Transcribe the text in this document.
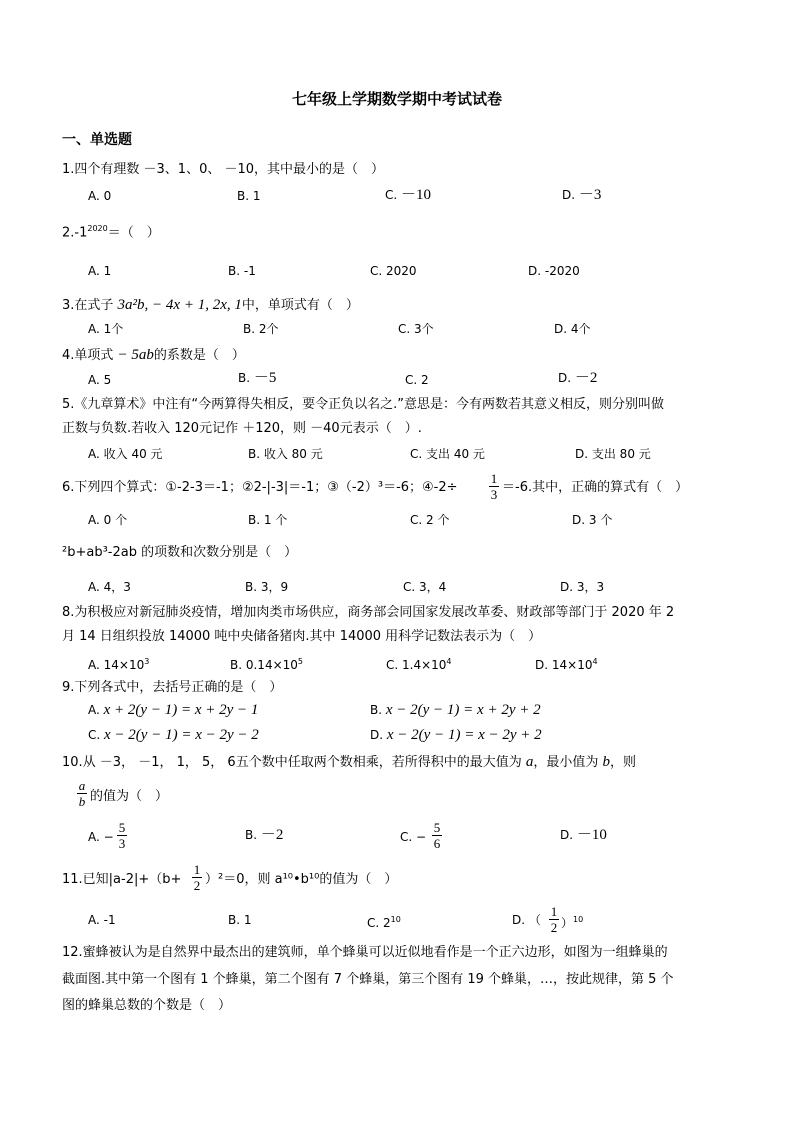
七年级上学期数学期中考试试卷
一、单选题
1.四个有理数 －3、1、0、 －10，其中最小的是（　）
A. 0	B. 1	C. －10	D. －3
$2.-1^{2020}=$（　）
A. 1	B. -1	C. 2020	D. -2020
3.在式子 3a²b, − 4x + 1, 2x, 1中，单项式有（　）
A. 1个	B. 2个	C. 3个	D. 4个
4.单项式 − 5ab的系数是（　）
A. 5	B. －5	C. 2	D. －2
5.《九章算术》中注有“今两算得失相反，要令正负以名之.”意思是：今有两数若其意义相反，则分别叫做
正数与负数.若收入 120元记作 ＋120，则 －40元表示（　）.
A. 收入 40 元	B. 收入 80 元	C. 支出 40 元	D. 支出 80 元
6.下列四个算式：①-2-3＝-1；②2-|-3|＝-1；③（-2）³＝-6；④-2÷
1
3 ＝-6.其中，正确的算式有（　）
A. 0 个	B. 1 个	C. 2 个	D. 3 个
²b+ab³-2ab 的项数和次数分别是（　）
A. 4，3	B. 3，9	C. 3，4	D. 3，3
8.为积极应对新冠肺炎疫情，增加肉类市场供应，商务部会同国家发展改革委、财政部等部门于 2020 年 2
月 14 日组织投放 14000 吨中央储备猪肉.其中 14000 用科学记数法表示为（　）
A. $14\times 10^3$	B. $0.14\times 10^5$	C. $1.4\times 10^4$	D. $14\times 10^4$
9.下列各式中，去括号正确的是（　）
A. x + 2(y − 1) = x + 2y − 1	B. x − 2(y − 1) = x + 2y + 2
C. x − 2(y − 1) = x − 2y − 2	D. x − 2(y − 1) = x − 2y + 2
10.从 －3， －1， 1， 5， 6五个数中任取两个数相乘，若所得积中的最大值为 a，最小值为 b，则
a
b 的值为（　）
A. −
5
3
B. －2	C. −
5
6
D. －10
11.已知|a-2|+（b+
1
2 ）²＝0，则 a¹⁰•b¹⁰的值为（　）
A. -1	B. 1	C. $2^{10}$	D. （
1
2 ）$^{10}$
12.蜜蜂被认为是自然界中最杰出的建筑师，单个蜂巢可以近似地看作是一个正六边形，如图为一组蜂巢的
截面图.其中第一个图有 1 个蜂巢，第二个图有 7 个蜂巢，第三个图有 19 个蜂巢，…，按此规律，第 5 个
图的蜂巢总数的个数是（　）
